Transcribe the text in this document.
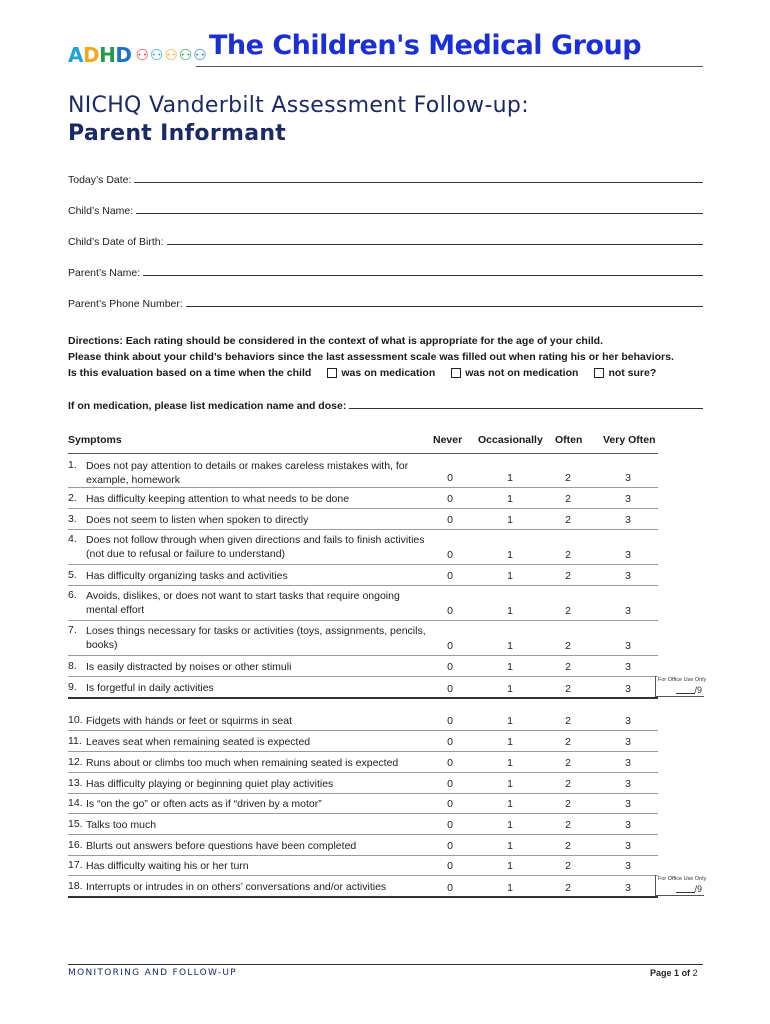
ADHD ⚇ ⚇ ⚇ ⚇ ⚇ The Children's Medical Group
NICHQ Vanderbilt Assessment Follow-up:
Parent Informant
Today’s Date:
Child’s Name:
Child’s Date of Birth:
Parent’s Name:
Parent’s Phone Number:
Directions: Each rating should be considered in the context of what is appropriate for the age of your child.
Please think about your child’s behaviors since the last assessment scale was filled out when rating his or her behaviors.
Is this evaluation based on a time when the child	was on medication	was not on medication	not sure?
If on medication, please list medication name and dose:
Symptoms	Never Occasionally Often Very Often
1. Does not pay attention to details or makes careless mistakes with, for example, homework	0	1	2	3
2. Has difficulty keeping attention to what needs to be done	0	1	2	3
3. Does not seem to listen when spoken to directly	0	1	2	3
4. Does not follow through when given directions and fails to finish activities (not due to refusal or failure to understand)	0	1	2	3
5. Has difficulty organizing tasks and activities	0	1	2	3
6. Avoids, dislikes, or does not want to start tasks that require ongoing mental effort	0	1	2	3
7. Loses things necessary for tasks or activities (toys, assignments, pencils, books)	0	1	2	3
8. Is easily distracted by noises or other stimuli	0	1	2	3
9. Is forgetful in daily activities	0	1	2	3
10. Fidgets with hands or feet or squirms in seat	0	1	2	3
11. Leaves seat when remaining seated is expected	0	1	2	3
12. Runs about or climbs too much when remaining seated is expected	0	1	2	3
13. Has difficulty playing or beginning quiet play activities	0	1	2	3
14. Is “on the go” or often acts as if “driven by a motor”	0	1	2	3
15. Talks too much	0	1	2	3
16. Blurts out answers before questions have been completed	0	1	2	3
17. Has difficulty waiting his or her turn	0	1	2	3
18. Interrupts or intrudes in on others’ conversations and/or activities	0	1	2	3
For Office Use Only
/9
For Office Use Only
/9
MONITORING AND FOLLOW-UP	Page 1 of 2
